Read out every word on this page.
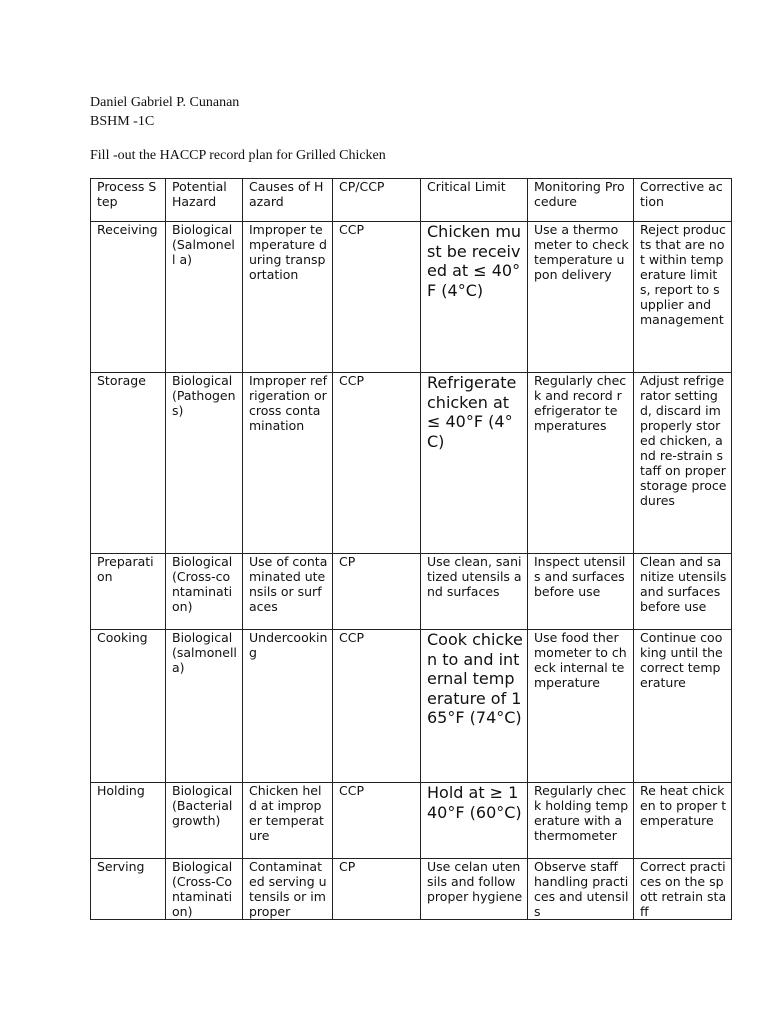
Daniel Gabriel P. Cunanan
BSHM -1C
Fill -out the HACCP record plan for Grilled Chicken
Process Step	Potential Hazard	Causes of Hazard	CP/CCP	Critical Limit	Monitoring Procedure	Corrective action
Receiving	Biological (Salmonell a)	Improper temperature during transportation	CCP	Chicken must be received at ≤ 40°F (4°C)	Use a thermometer to check temperature upon delivery	Reject products that are not within temperature limits, report to supplier and management
Storage	Biological (Pathogens)	Improper refrigeration or cross contamination	CCP	Refrigerate chicken at ≤ 40°F (4°C)	Regularly check and record refrigerator temperatures	Adjust refrigerator settingd, discard improperly stored chicken, and re-strain staff on proper storage procedures
Preparation	Biological (Cross-contamination)	Use of contaminated utensils or surfaces	CP	Use clean, sanitized utensils and surfaces	Inspect utensils and surfaces before use	Clean and sanitize utensils and surfaces before use
Cooking	Biological (salmonella)	Undercooking	CCP	Cook chicken to and internal temperature of 165°F (74°C)	Use food thermometer to check internal temperature	Continue cooking until the correct temperature
Holding	Biological (Bacterial growth)	Chicken held at improper temperature	CCP	Hold at ≥ 140°F (60°C)	Regularly check holding temperature with a thermometer	Re heat chicken to proper temperature
Serving	Biological (Cross-Contamination)	Contaminated serving utensils or improper	CP	Use celan utensils and follow proper hygiene	Observe staff handling practices and utensils	Correct practices on the spott retrain staff
